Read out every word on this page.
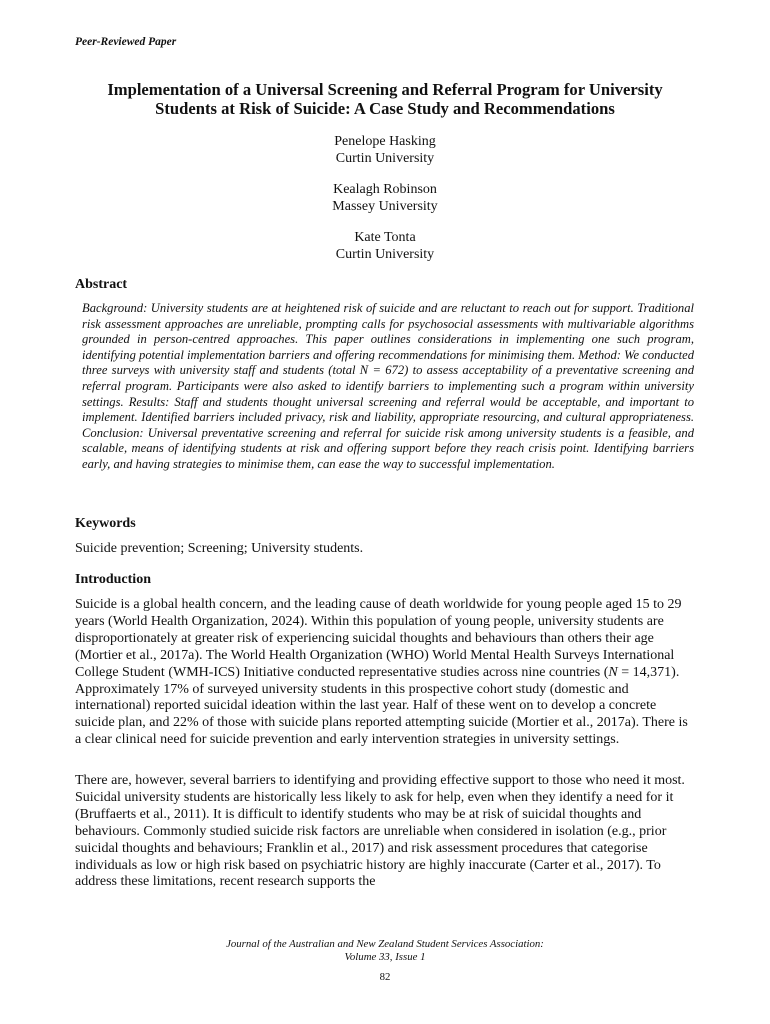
Peer-Reviewed Paper
Implementation of a Universal Screening and Referral Program for University
Students at Risk of Suicide: A Case Study and Recommendations
Penelope Hasking
Curtin University
Kealagh Robinson
Massey University
Kate Tonta
Curtin University
Abstract
Background: University students are at heightened risk of suicide and are reluctant to reach out for support. Traditional risk assessment approaches are unreliable, prompting calls for psychosocial assessments with multivariable algorithms grounded in person-centred approaches. This paper outlines considerations in implementing one such program, identifying potential implementation barriers and offering recommendations for minimising them. Method: We conducted three surveys with university staff and students (total N = 672) to assess acceptability of a preventative screening and referral program. Participants were also asked to identify barriers to implementing such a program within university settings. Results: Staff and students thought universal screening and referral would be acceptable, and important to implement. Identified barriers included privacy, risk and liability, appropriate resourcing, and cultural appropriateness. Conclusion: Universal preventative screening and referral for suicide risk among university students is a feasible, and scalable, means of identifying students at risk and offering support before they reach crisis point. Identifying barriers early, and having strategies to minimise them, can ease the way to successful implementation.
Keywords
Suicide prevention; Screening; University students.
Introduction
Suicide is a global health concern, and the leading cause of death worldwide for young people aged 15 to 29 years (World Health Organization, 2024). Within this population of young people, university students are disproportionately at greater risk of experiencing suicidal thoughts and behaviours than others their age (Mortier et al., 2017a). The World Health Organization (WHO) World Mental Health Surveys International College Student (WMH-ICS) Initiative conducted representative studies across nine countries (N = 14,371). Approximately 17% of surveyed university students in this prospective cohort study (domestic and international) reported suicidal ideation within the last year. Half of these went on to develop a concrete suicide plan, and 22% of those with suicide plans reported attempting suicide (Mortier et al., 2017a). There is a clear clinical need for suicide prevention and early intervention strategies in university settings.
There are, however, several barriers to identifying and providing effective support to those who need it most. Suicidal university students are historically less likely to ask for help, even when they identify a need for it (Bruffaerts et al., 2011). It is difficult to identify students who may be at risk of suicidal thoughts and behaviours. Commonly studied suicide risk factors are unreliable when considered in isolation (e.g., prior suicidal thoughts and behaviours; Franklin et al., 2017) and risk assessment procedures that categorise individuals as low or high risk based on psychiatric history are highly inaccurate (Carter et al., 2017). To address these limitations, recent research supports the
Journal of the Australian and New Zealand Student Services Association:
Volume 33, Issue 1
82
